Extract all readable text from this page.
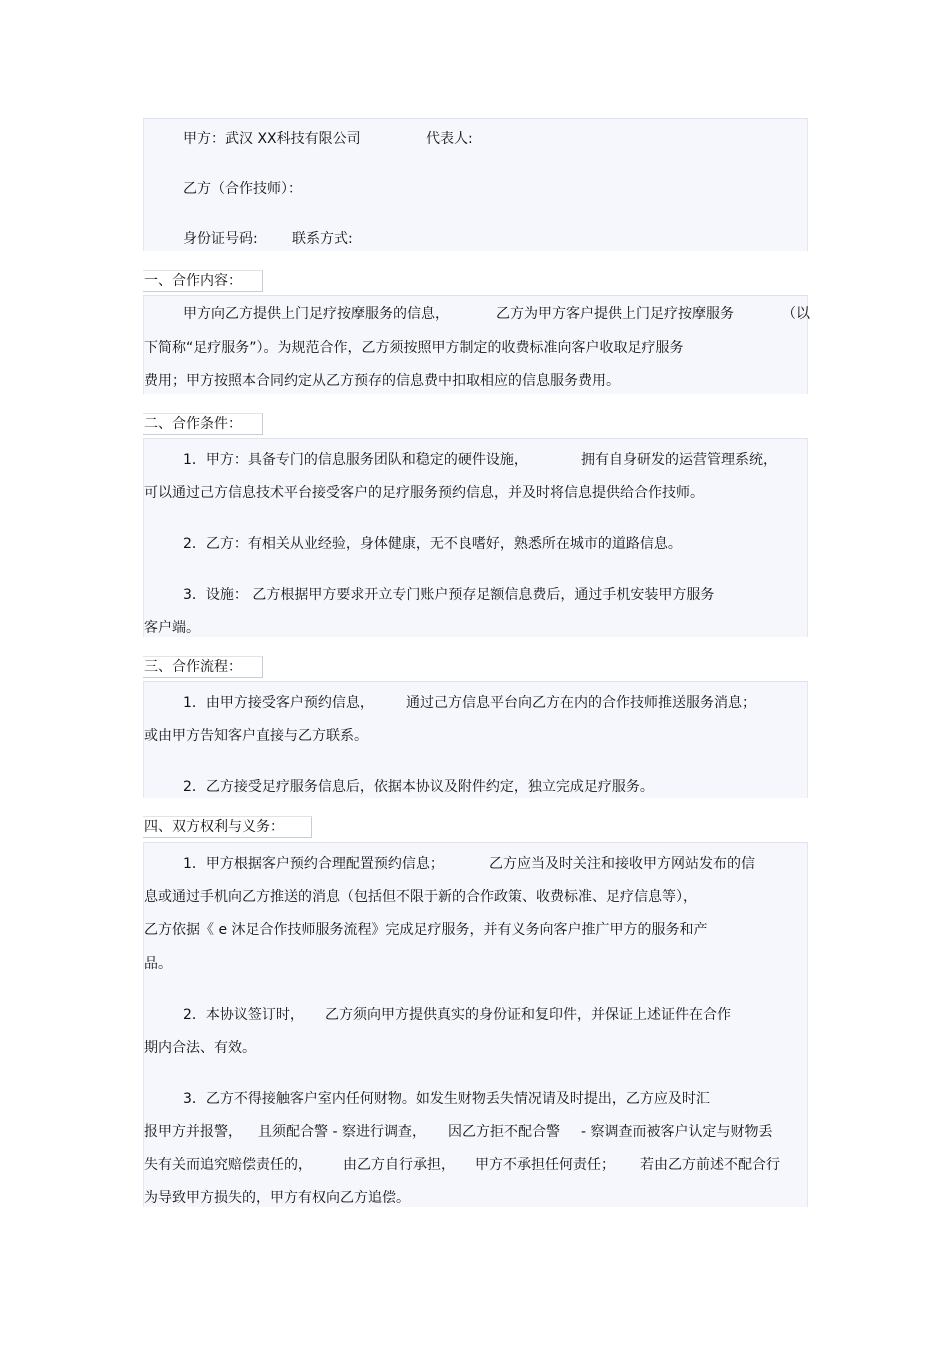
甲方：武汉 XX科技有限公司	代表人:
乙方（合作技师）：
身份证号码: 联系方式:
一、合作内容：
甲方向乙方提供上门足疗按摩服务的信息，	乙方为甲方客户提供上门足疗按摩服务	（以
下简称“足疗服务”）。为规范合作，乙方须按照甲方制定的收费标准向客户收取足疗服务
费用；甲方按照本合同约定从乙方预存的信息费中扣取相应的信息服务费用。
二、合作条件：
1．甲方：具备专门的信息服务团队和稳定的硬件设施，	拥有自身研发的运营管理系统，
可以通过己方信息技术平台接受客户的足疗服务预约信息，并及时将信息提供给合作技师。
2．乙方：有相关从业经验，身体健康，无不良嗜好，熟悉所在城市的道路信息。
3．设施： 乙方根据甲方要求开立专门账户预存足额信息费后，通过手机安装甲方服务
客户端。
三、合作流程：
1．由甲方接受客户预约信息， 通过己方信息平台向乙方在内的合作技师推送服务消息；
或由甲方告知客户直接与乙方联系。
2．乙方接受足疗服务信息后，依据本协议及附件约定，独立完成足疗服务。
四、双方权利与义务：
1．甲方根据客户预约合理配置预约信息；	乙方应当及时关注和接收甲方网站发布的信
息或通过手机向乙方推送的消息（包括但不限于新的合作政策、收费标准、足疗信息等），
乙方依据《 e 沐足合作技师服务流程》完成足疗服务，并有义务向客户推广甲方的服务和产
品。
2．本协议签订时， 乙方须向甲方提供真实的身份证和复印件，并保证上述证件在合作
期内合法、有效。
3．乙方不得接触客户室内任何财物。如发生财物丢失情况请及时提出，乙方应及时汇
报甲方并报警， 且须配合警 - 察进行调查， 因乙方拒不配合警 - 察调查而被客户认定与财物丢
失有关而追究赔偿责任的， 由乙方自行承担， 甲方不承担任何责任； 若由乙方前述不配合行
为导致甲方损失的，甲方有权向乙方追偿。
